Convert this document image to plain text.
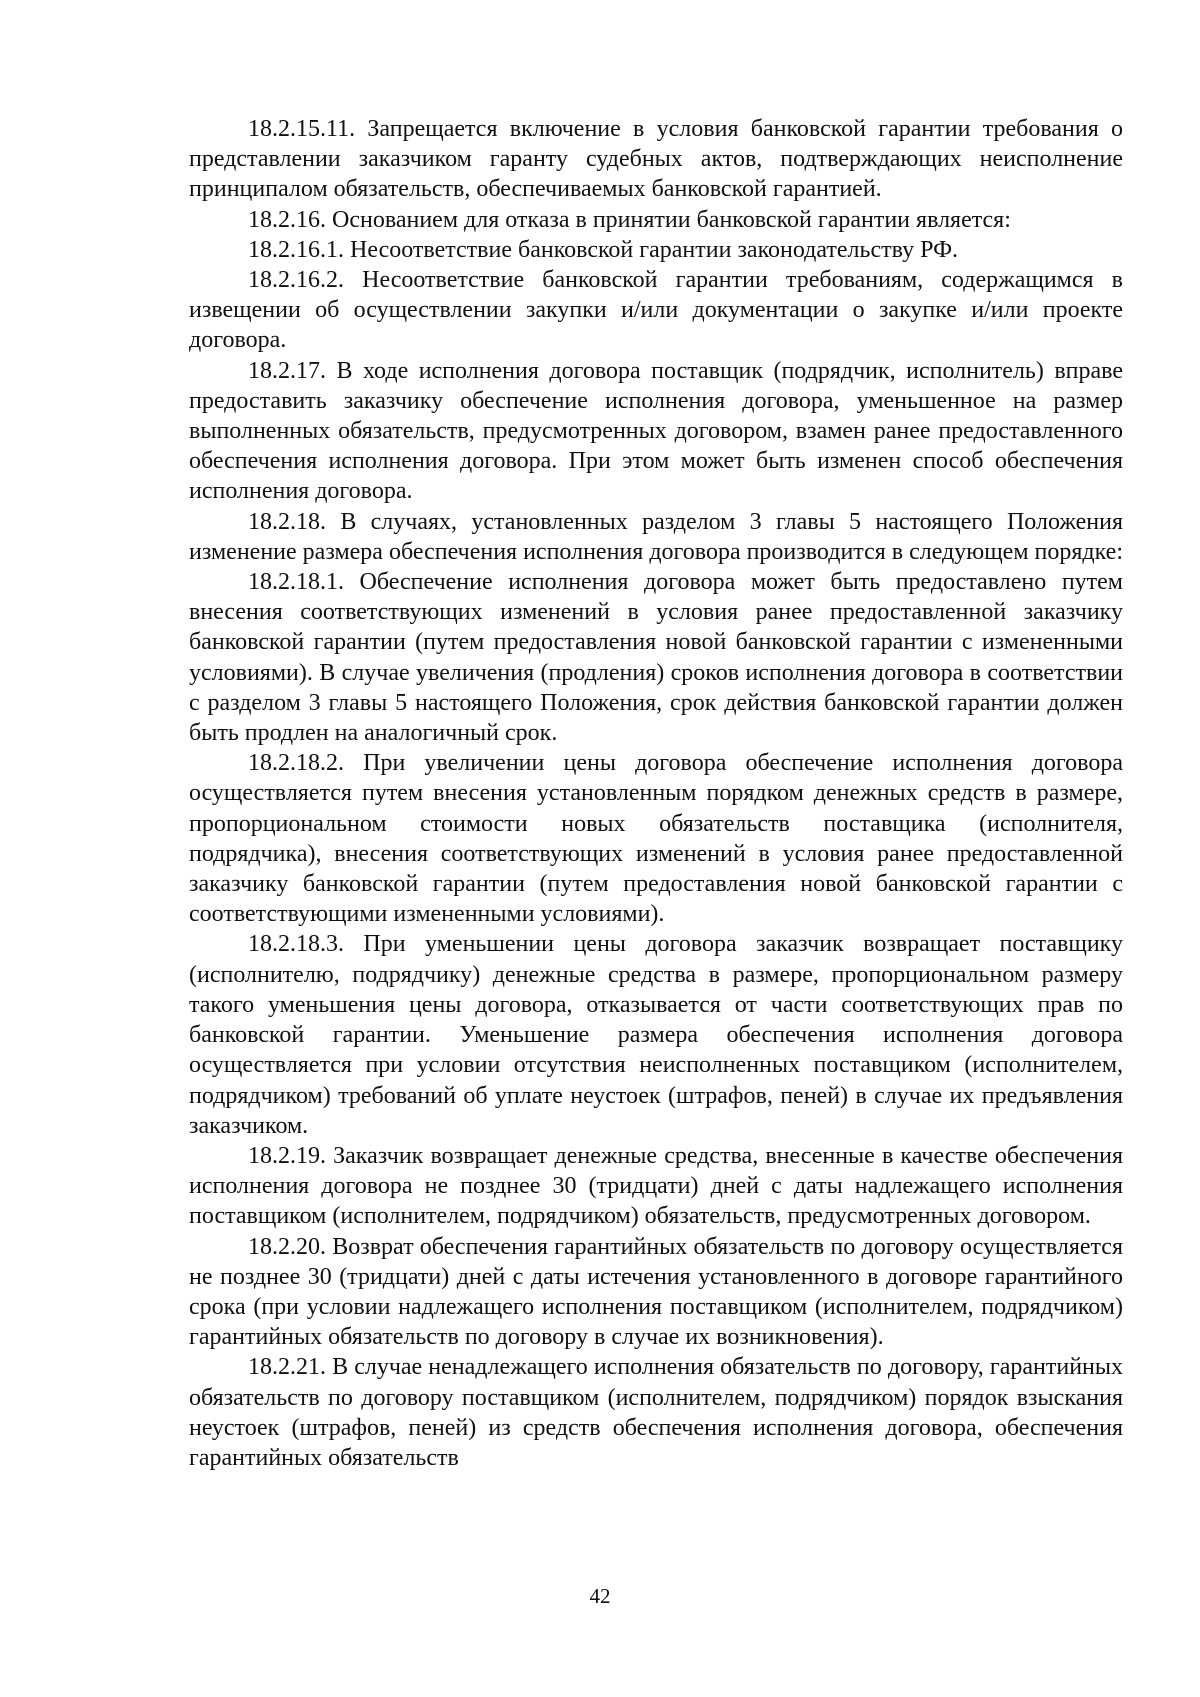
18.2.15.11. Запрещается включение в условия банковской гарантии требования о представлении заказчиком гаранту судебных актов, подтверждающих неисполнение принципалом обязательств, обеспечиваемых банковской гарантией.

18.2.16. Основанием для отказа в принятии банковской гарантии является:

18.2.16.1. Несоответствие банковской гарантии законодательству РФ.

18.2.16.2. Несоответствие банковской гарантии требованиям, содержащимся в извещении об осуществлении закупки и/или документации о закупке и/или проекте договора.

18.2.17. В ходе исполнения договора поставщик (подрядчик, исполнитель) вправе предоставить заказчику обеспечение исполнения договора, уменьшенное на размер выполненных обязательств, предусмотренных договором, взамен ранее предоставленного обеспечения исполнения договора. При этом может быть изменен способ обеспечения исполнения договора.

18.2.18. В случаях, установленных разделом 3 главы 5 настоящего Положения изменение размера обеспечения исполнения договора производится в следующем порядке:

18.2.18.1. Обеспечение исполнения договора может быть предоставлено путем внесения соответствующих изменений в условия ранее предоставленной заказчику банковской гарантии (путем предоставления новой банковской гарантии с измененными условиями). В случае увеличения (продления) сроков исполнения договора в соответствии с разделом 3 главы 5 настоящего Положения, срок действия банковской гарантии должен быть продлен на аналогичный срок.

18.2.18.2. При увеличении цены договора обеспечение исполнения договора осуществляется путем внесения установленным порядком денежных средств в размере, пропорциональном стоимости новых обязательств поставщика (исполнителя, подрядчика), внесения соответствующих изменений в условия ранее предоставленной заказчику банковской гарантии (путем предоставления новой банковской гарантии с соответствующими измененными условиями).

18.2.18.3. При уменьшении цены договора заказчик возвращает поставщику (исполнителю, подрядчику) денежные средства в размере, пропорциональном размеру такого уменьшения цены договора, отказывается от части соответствующих прав по банковской гарантии. Уменьшение размера обеспечения исполнения договора осуществляется при условии отсутствия неисполненных поставщиком (исполнителем, подрядчиком) требований об уплате неустоек (штрафов, пеней) в случае их предъявления заказчиком.

18.2.19. Заказчик возвращает денежные средства, внесенные в качестве обеспечения исполнения договора не позднее 30 (тридцати) дней с даты надлежащего исполнения поставщиком (исполнителем, подрядчиком) обязательств, предусмотренных договором.

18.2.20. Возврат обеспечения гарантийных обязательств по договору осуществляется не позднее 30 (тридцати) дней с даты истечения установленного в договоре гарантийного срока (при условии надлежащего исполнения поставщиком (исполнителем, подрядчиком) гарантийных обязательств по договору в случае их возникновения).

18.2.21. В случае ненадлежащего исполнения обязательств по договору, гарантийных обязательств по договору поставщиком (исполнителем, подрядчиком) порядок взыскания неустоек (штрафов, пеней) из средств обеспечения исполнения договора, обеспечения гарантийных обязательств

42
